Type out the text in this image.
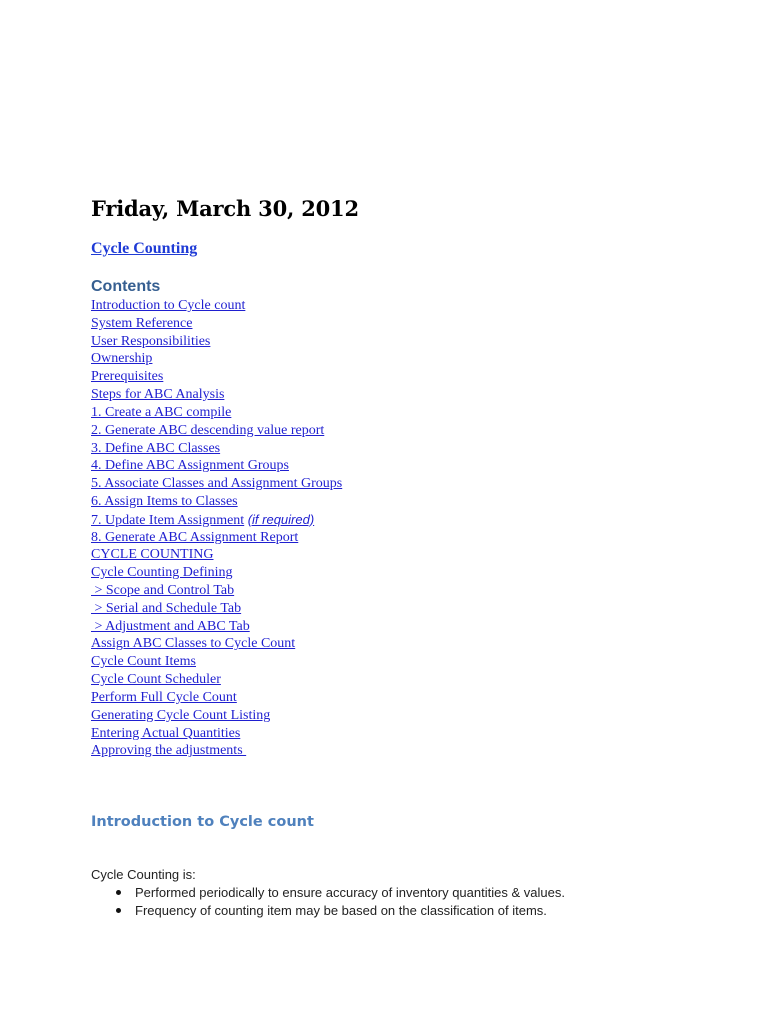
Friday, March 30, 2012
Cycle Counting
Contents
Introduction to Cycle count
System Reference
User Responsibilities
Ownership
Prerequisites
Steps for ABC Analysis
1. Create a ABC compile
2. Generate ABC descending value report
3. Define ABC Classes
4. Define ABC Assignment Groups
5. Associate Classes and Assignment Groups
6. Assign Items to Classes
7. Update Item Assignment (if required)
8. Generate ABC Assignment Report
CYCLE COUNTING
Cycle Counting Defining
> Scope and Control Tab
> Serial and Schedule Tab
> Adjustment and ABC Tab
Assign ABC Classes to Cycle Count
Cycle Count Items
Cycle Count Scheduler
Perform Full Cycle Count
Generating Cycle Count Listing
Entering Actual Quantities
Approving the adjustments
Introduction to Cycle count
Cycle Counting is:
Performed periodically to ensure accuracy of inventory quantities & values.
Frequency of counting item may be based on the classification of items.
